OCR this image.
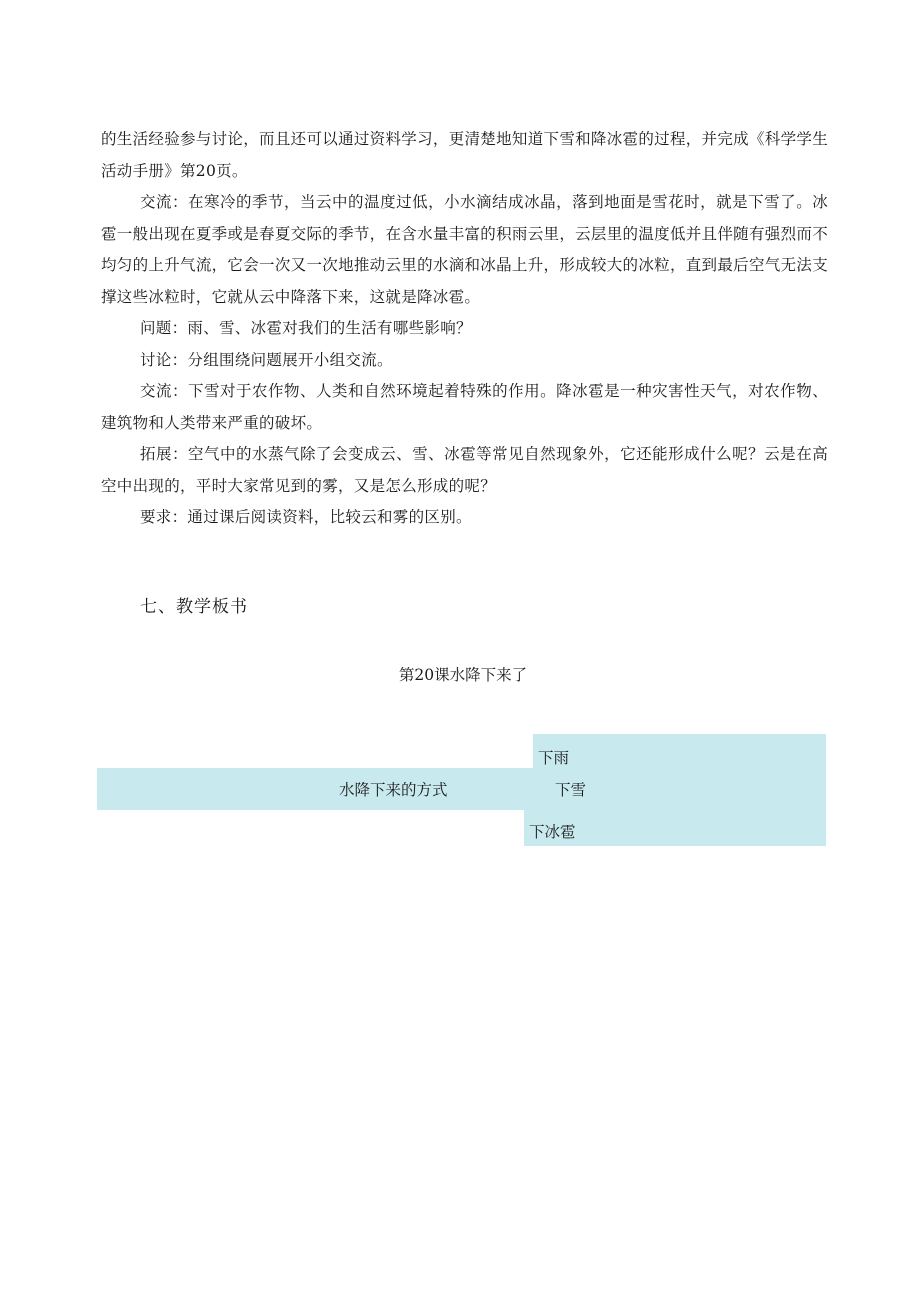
的生活经验参与讨论，而且还可以通过资料学习，更清楚地知道下雪和降冰雹的过程，并完成《科学学生活动手册》第20页。

交流：在寒冷的季节，当云中的温度过低，小水滴结成冰晶，落到地面是雪花时，就是下雪了。冰雹一般出现在夏季或是春夏交际的季节，在含水量丰富的积雨云里，云层里的温度低并且伴随有强烈而不均匀的上升气流，它会一次又一次地推动云里的水滴和冰晶上升，形成较大的冰粒，直到最后空气无法支撑这些冰粒时，它就从云中降落下来，这就是降冰雹。

问题：雨、雪、冰雹对我们的生活有哪些影响？

讨论：分组围绕问题展开小组交流。

交流：下雪对于农作物、人类和自然环境起着特殊的作用。降冰雹是一种灾害性天气，对农作物、建筑物和人类带来严重的破坏。

拓展：空气中的水蒸气除了会变成云、雪、冰雹等常见自然现象外，它还能形成什么呢？云是在高空中出现的，平时大家常见到的雾，又是怎么形成的呢？

要求：通过课后阅读资料，比较云和雾的区别。

七、教学板书

第20课水降下来了

水降下来的方式
下雨
下雪
下冰雹
